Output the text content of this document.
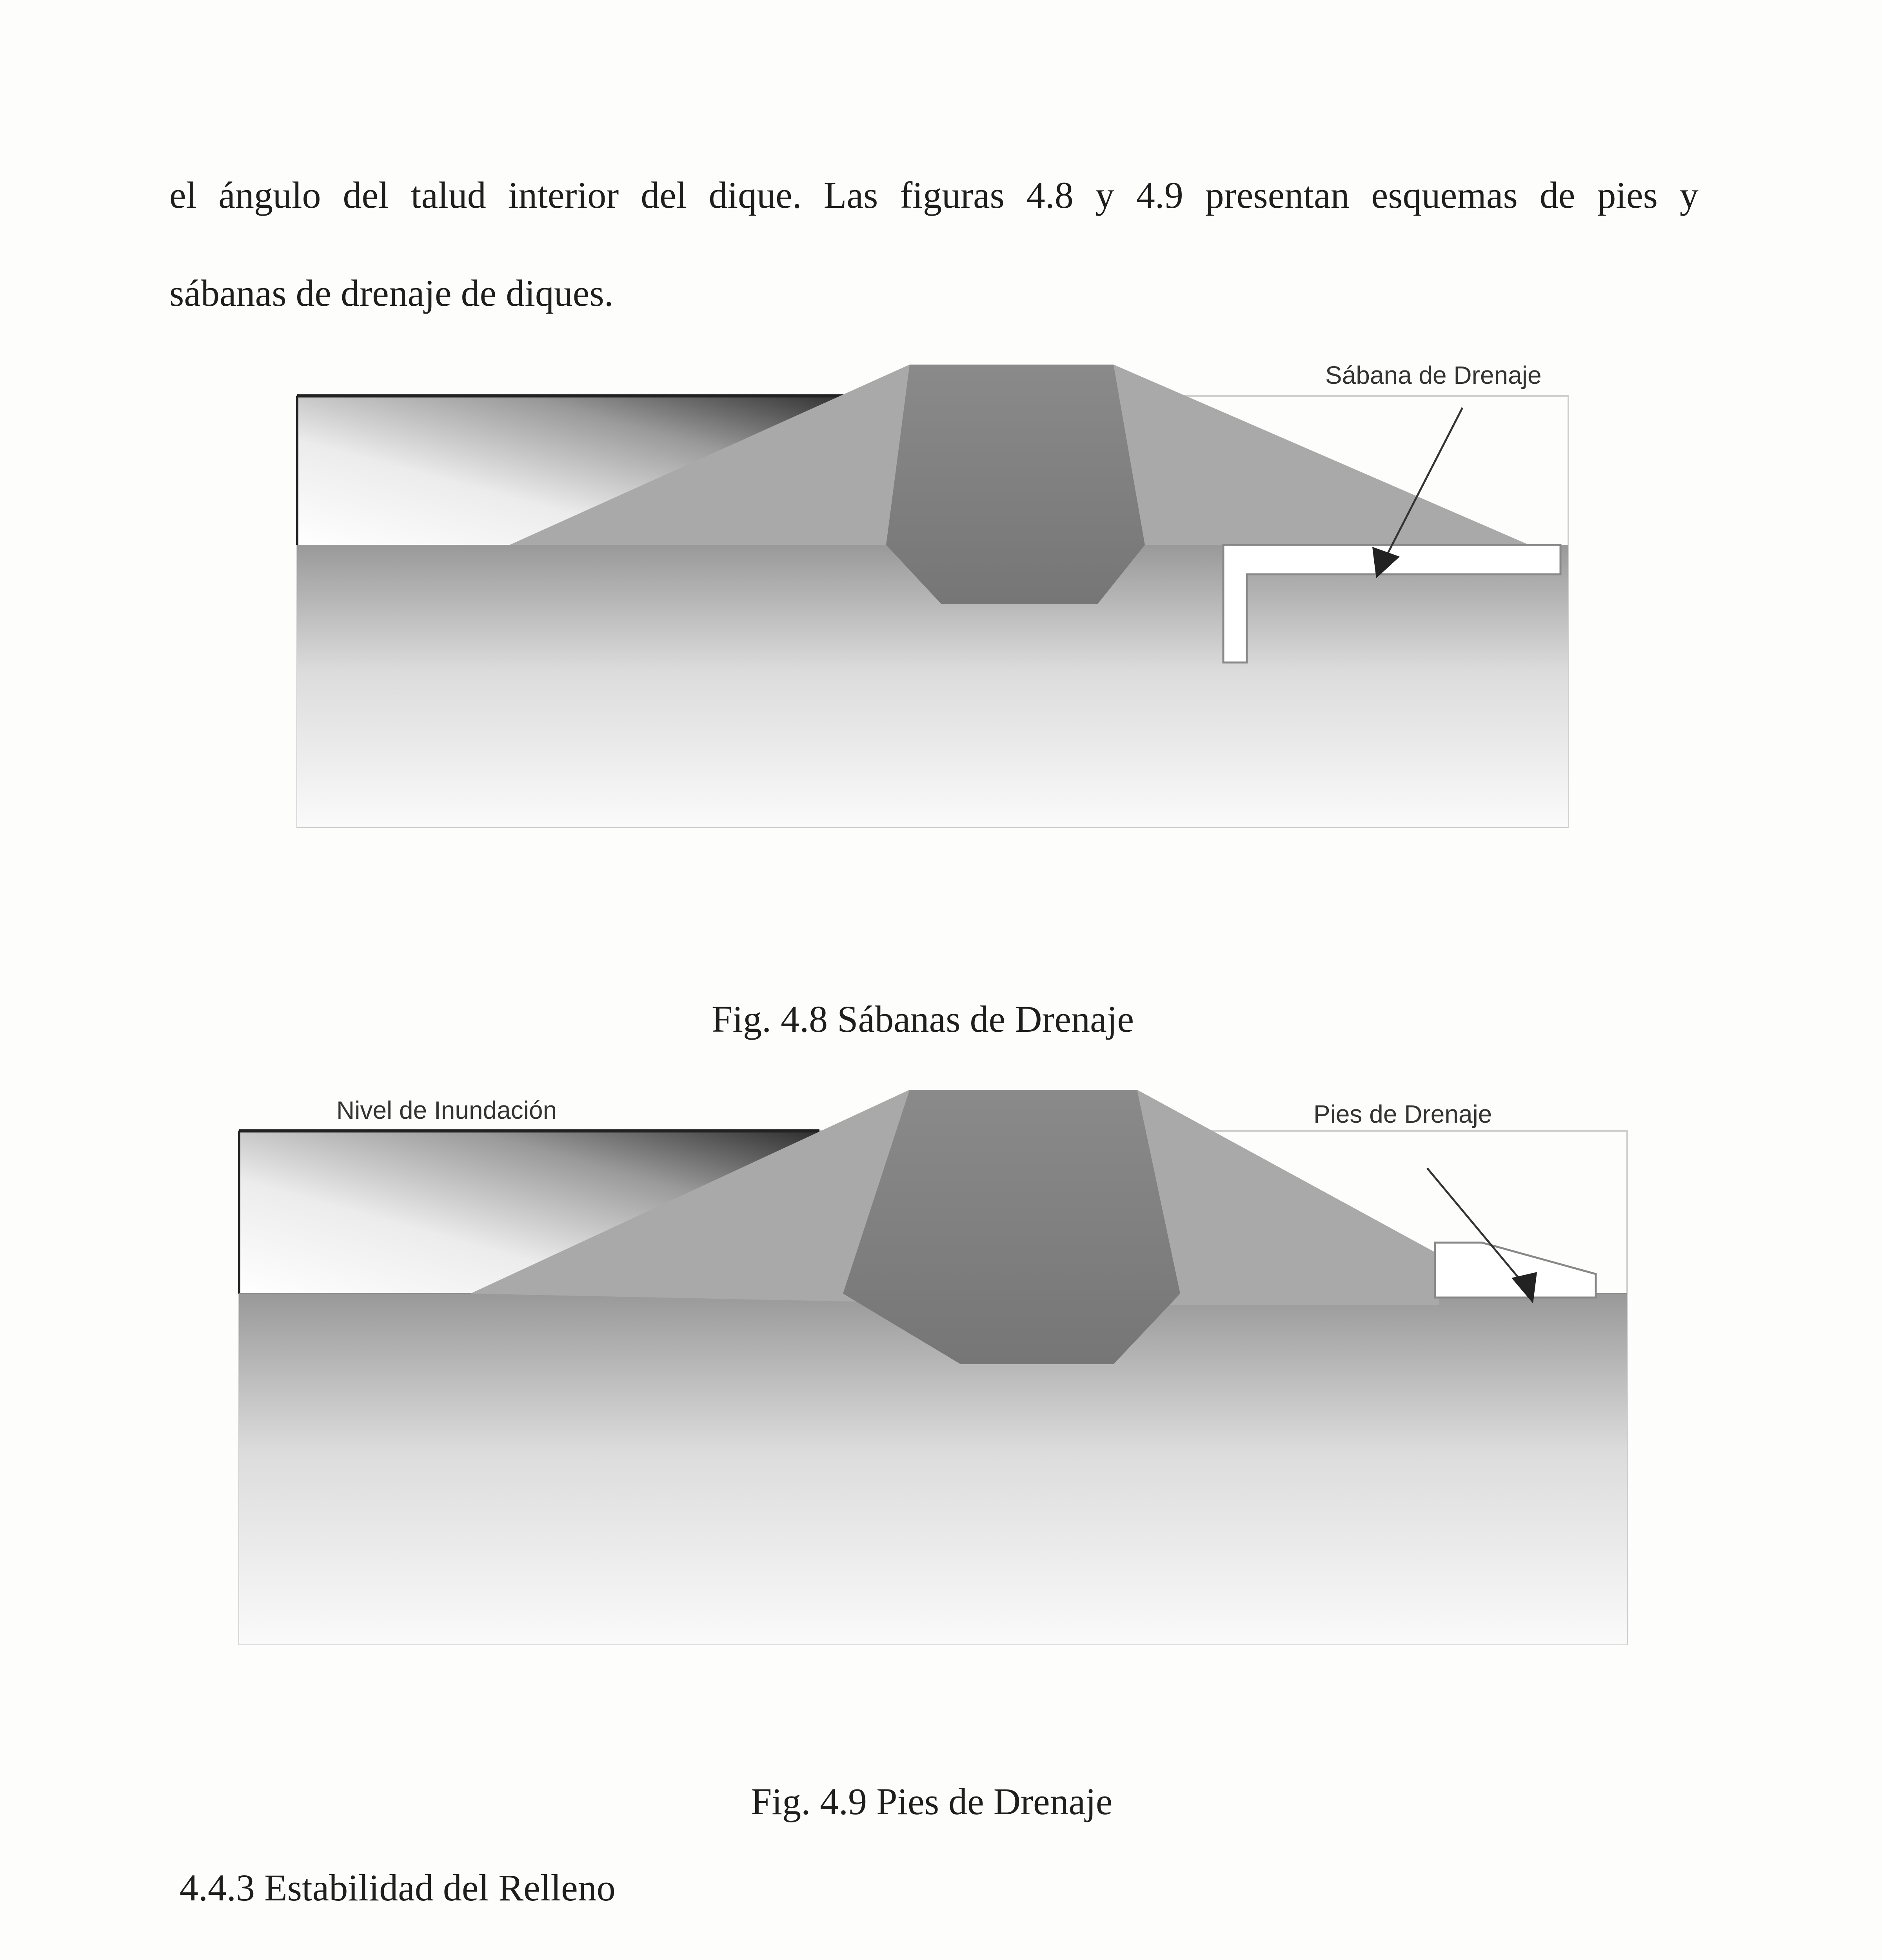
el ángulo del talud interior del dique. Las figuras 4.8 y 4.9 presentan esquemas de pies y
sábanas de drenaje de diques.
Sábana de Drenaje
Fig. 4.8 Sábanas de Drenaje
Nivel de Inundación	Pies de Drenaje
Fig. 4.9 Pies de Drenaje
4.4.3 Estabilidad del Relleno
